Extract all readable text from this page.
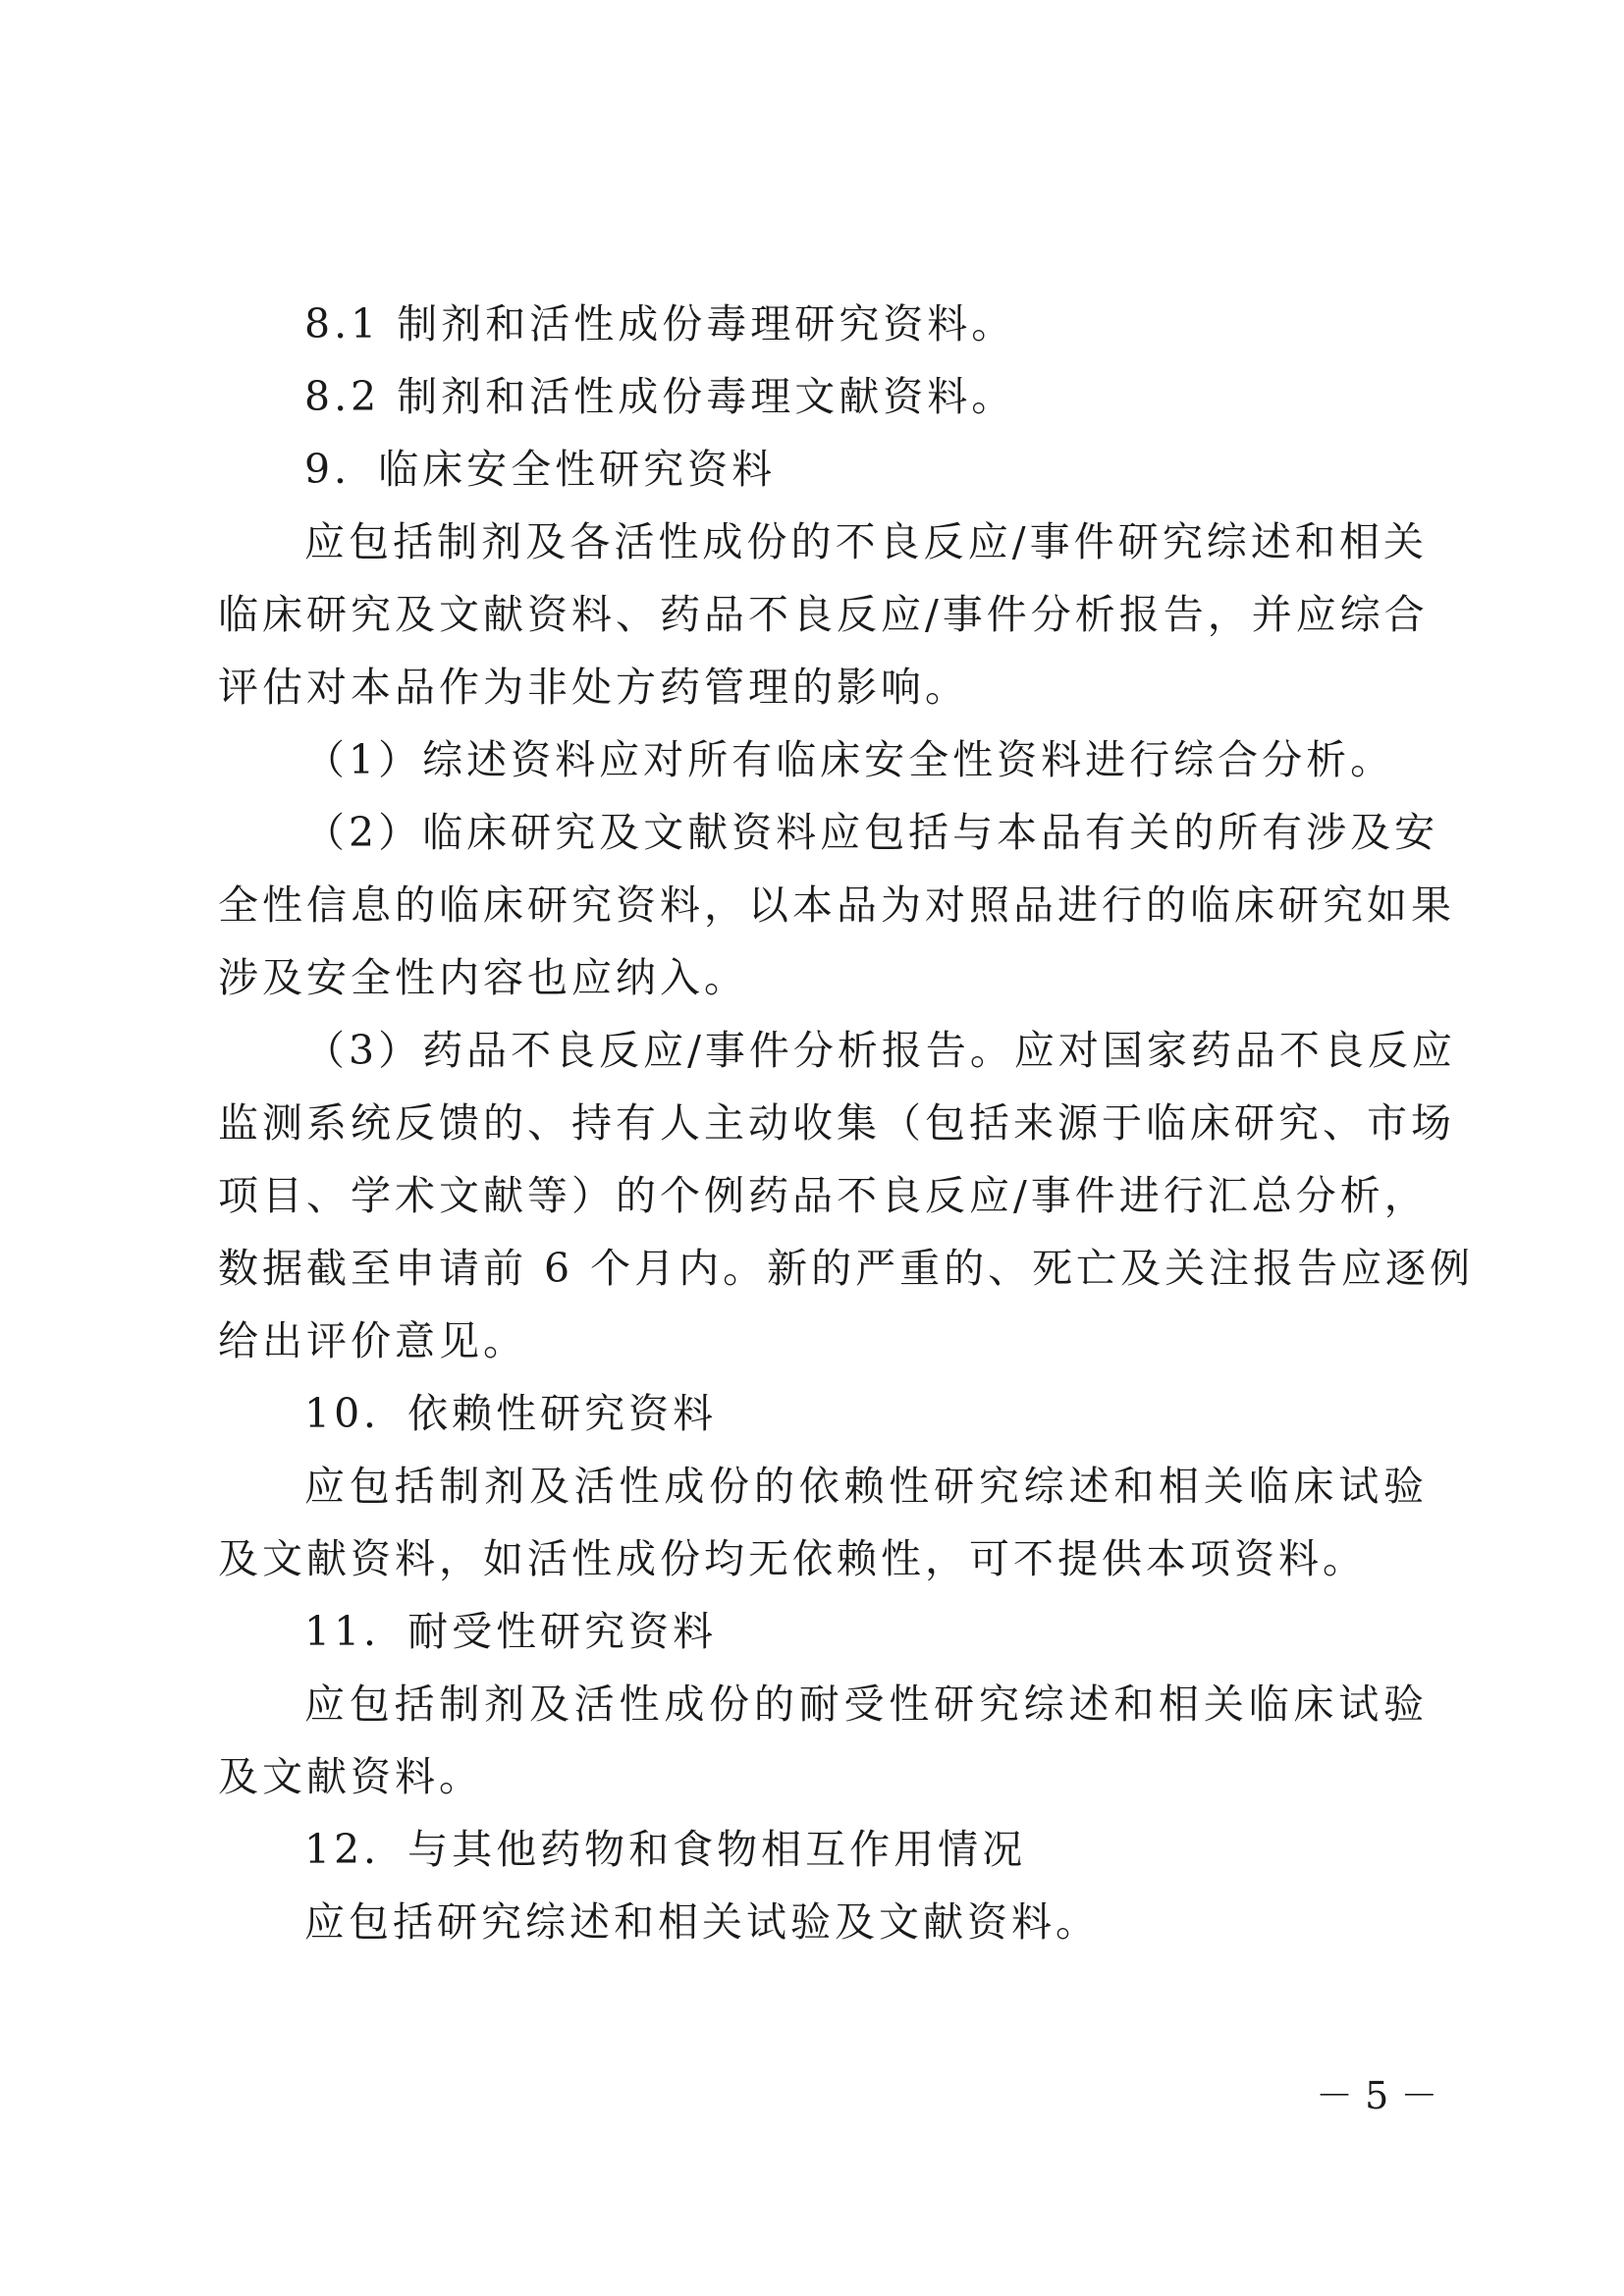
8.1 制剂和活性成份毒理研究资料。
8.2 制剂和活性成份毒理文献资料。
9．临床安全性研究资料
应包括制剂及各活性成份的不良反应/事件研究综述和相关
临床研究及文献资料、药品不良反应/事件分析报告，并应综合
评估对本品作为非处方药管理的影响。
（1）综述资料应对所有临床安全性资料进行综合分析。
（2）临床研究及文献资料应包括与本品有关的所有涉及安
全性信息的临床研究资料，以本品为对照品进行的临床研究如果
涉及安全性内容也应纳入。
（3）药品不良反应/事件分析报告。应对国家药品不良反应
监测系统反馈的、持有人主动收集（包括来源于临床研究、市场
项目、学术文献等）的个例药品不良反应/事件进行汇总分析，
数据截至申请前 6 个月内。新的严重的、死亡及关注报告应逐例
给出评价意见。
10．依赖性研究资料
应包括制剂及活性成份的依赖性研究综述和相关临床试验
及文献资料，如活性成份均无依赖性，可不提供本项资料。
11．耐受性研究资料
应包括制剂及活性成份的耐受性研究综述和相关临床试验
及文献资料。
12．与其他药物和食物相互作用情况
应包括研究综述和相关试验及文献资料。
－ 5 －
